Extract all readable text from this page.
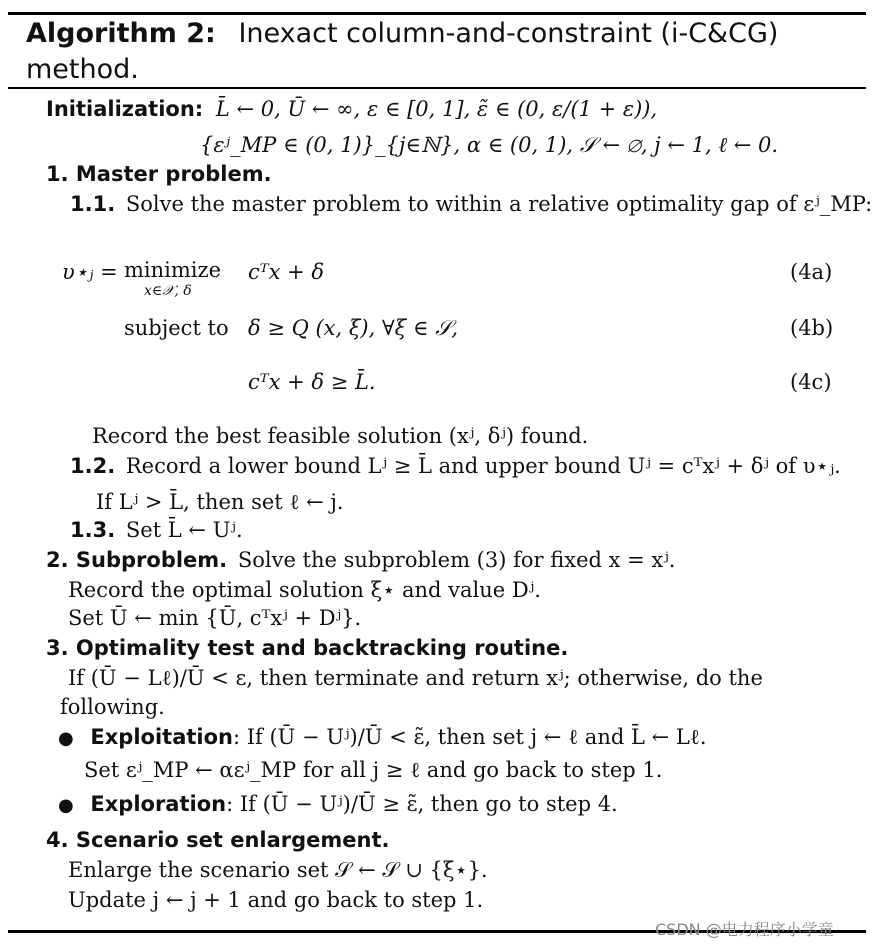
Algorithm 2: Inexact column-and-constraint (i-C&CG)
method.
Initialization: L̄ ← 0, Ū ← ∞, ε ∈ [0, 1], ε̃ ∈ (0, ε/(1 + ε)),
{εʲ_MP ∈ (0, 1)}_{j∈ℕ}, α ∈ (0, 1), 𝒮 ← ∅, j ← 1, ℓ ← 0.
1. Master problem.
1.1. Solve the master problem to within a relative optimality gap of εʲ_MP:
υ⋆ⱼ = minimize
x∈𝒳, δ
cᵀx + δ	(4a)
subject to δ ≥ Q (x, ξ), ∀ξ ∈ 𝒮,	(4b)
cᵀx + δ ≥ L̄.	(4c)
Record the best feasible solution (xʲ, δʲ) found.
1.2. Record a lower bound Lʲ ≥ L̄ and upper bound Uʲ = cᵀxʲ + δʲ of υ⋆ⱼ.
If Lʲ > L̄, then set ℓ ← j.
1.3. Set L̄ ← Uʲ.
2. Subproblem. Solve the subproblem (3) for fixed x = xʲ.
Record the optimal solution ξ⋆ and value Dʲ.
Set Ū ← min {Ū, cᵀxʲ + Dʲ}.
3. Optimality test and backtracking routine.
If (Ū − Lℓ)/Ū < ε, then terminate and return xʲ; otherwise, do the
following.
● Exploitation: If (Ū − Uʲ)/Ū < ε̃, then set j ← ℓ and L̄ ← Lℓ.
Set εʲ_MP ← αεʲ_MP for all j ≥ ℓ and go back to step 1.
● Exploration: If (Ū − Uʲ)/Ū ≥ ε̃, then go to step 4.
4. Scenario set enlargement.
Enlarge the scenario set 𝒮 ← 𝒮 ∪ {ξ⋆}.
Update j ← j + 1 and go back to step 1.
CSDN @电力程序小学童
